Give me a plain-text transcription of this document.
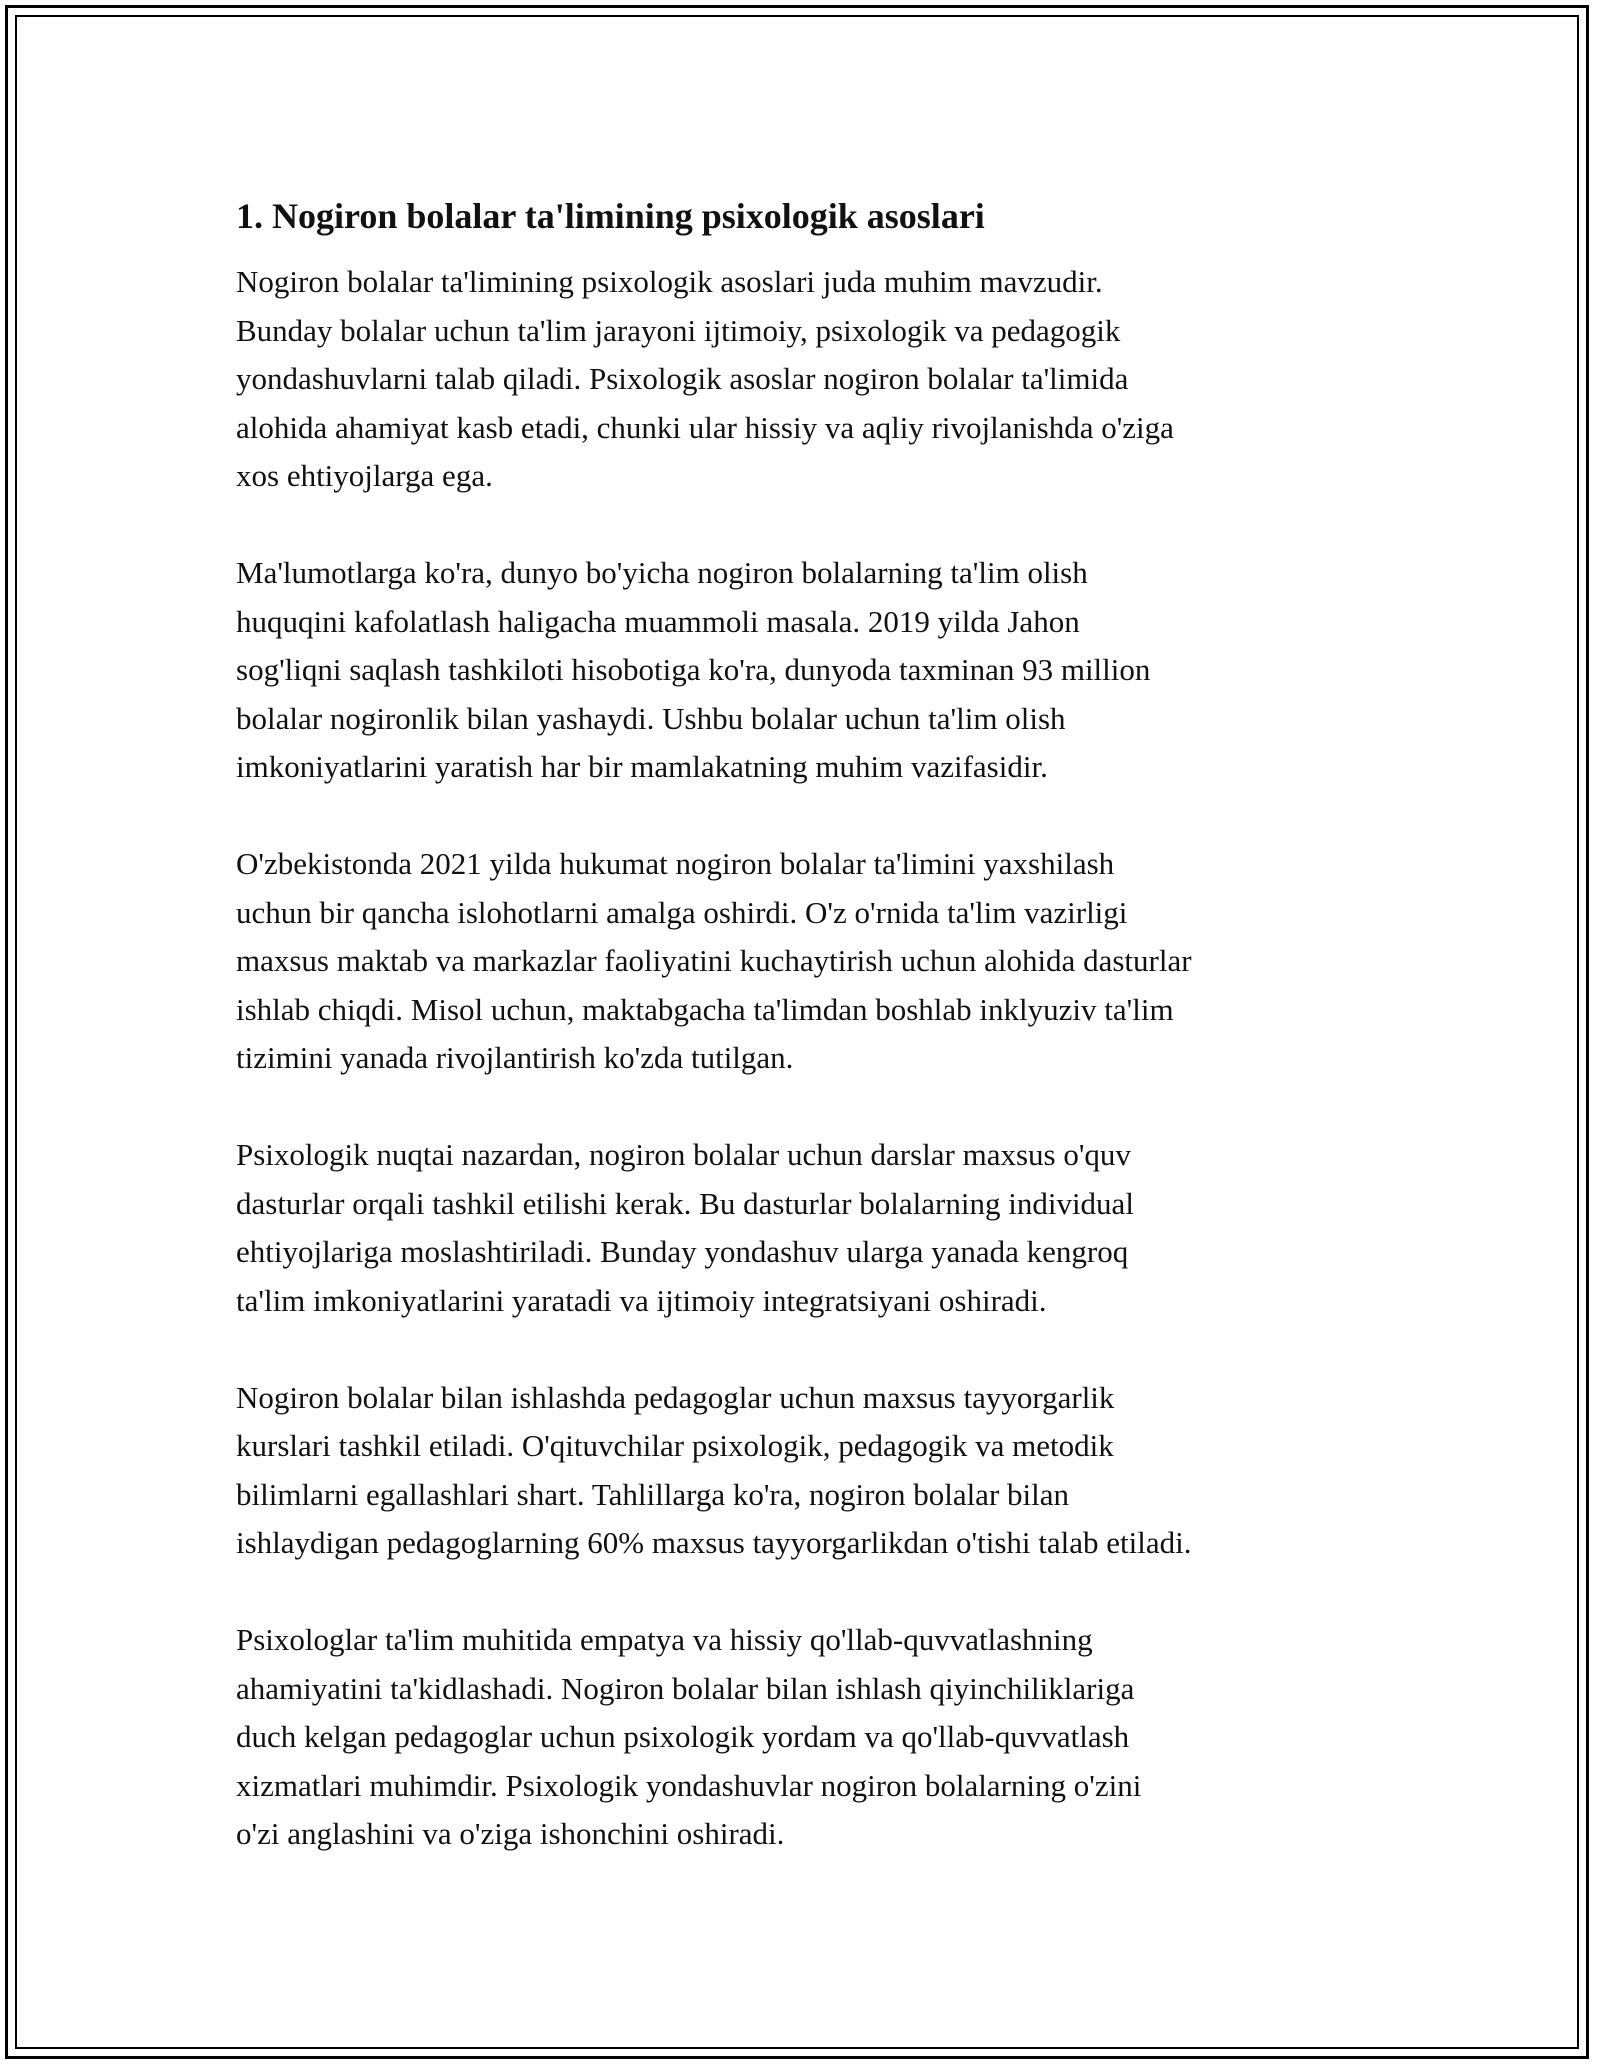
1. Nogiron bolalar ta'limining psixologik asoslari
Nogiron bolalar ta'limining psixologik asoslari juda muhim mavzudir.
Bunday bolalar uchun ta'lim jarayoni ijtimoiy, psixologik va pedagogik
yondashuvlarni talab qiladi. Psixologik asoslar nogiron bolalar ta'limida
alohida ahamiyat kasb etadi, chunki ular hissiy va aqliy rivojlanishda o'ziga
xos ehtiyojlarga ega.
Ma'lumotlarga ko'ra, dunyo bo'yicha nogiron bolalarning ta'lim olish
huquqini kafolatlash haligacha muammoli masala. 2019 yilda Jahon
sog'liqni saqlash tashkiloti hisobotiga ko'ra, dunyoda taxminan 93 million
bolalar nogironlik bilan yashaydi. Ushbu bolalar uchun ta'lim olish
imkoniyatlarini yaratish har bir mamlakatning muhim vazifasidir.
O'zbekistonda 2021 yilda hukumat nogiron bolalar ta'limini yaxshilash
uchun bir qancha islohotlarni amalga oshirdi. O'z o'rnida ta'lim vazirligi
maxsus maktab va markazlar faoliyatini kuchaytirish uchun alohida dasturlar
ishlab chiqdi. Misol uchun, maktabgacha ta'limdan boshlab inklyuziv ta'lim
tizimini yanada rivojlantirish ko'zda tutilgan.
Psixologik nuqtai nazardan, nogiron bolalar uchun darslar maxsus o'quv
dasturlar orqali tashkil etilishi kerak. Bu dasturlar bolalarning individual
ehtiyojlariga moslashtiriladi. Bunday yondashuv ularga yanada kengroq
ta'lim imkoniyatlarini yaratadi va ijtimoiy integratsiyani oshiradi.
Nogiron bolalar bilan ishlashda pedagoglar uchun maxsus tayyorgarlik
kurslari tashkil etiladi. O'qituvchilar psixologik, pedagogik va metodik
bilimlarni egallashlari shart. Tahlillarga ko'ra, nogiron bolalar bilan
ishlaydigan pedagoglarning 60% maxsus tayyorgarlikdan o'tishi talab etiladi.
Psixologlar ta'lim muhitida empatya va hissiy qo'llab-quvvatlashning
ahamiyatini ta'kidlashadi. Nogiron bolalar bilan ishlash qiyinchiliklariga
duch kelgan pedagoglar uchun psixologik yordam va qo'llab-quvvatlash
xizmatlari muhimdir. Psixologik yondashuvlar nogiron bolalarning o'zini
o'zi anglashini va o'ziga ishonchini oshiradi.
